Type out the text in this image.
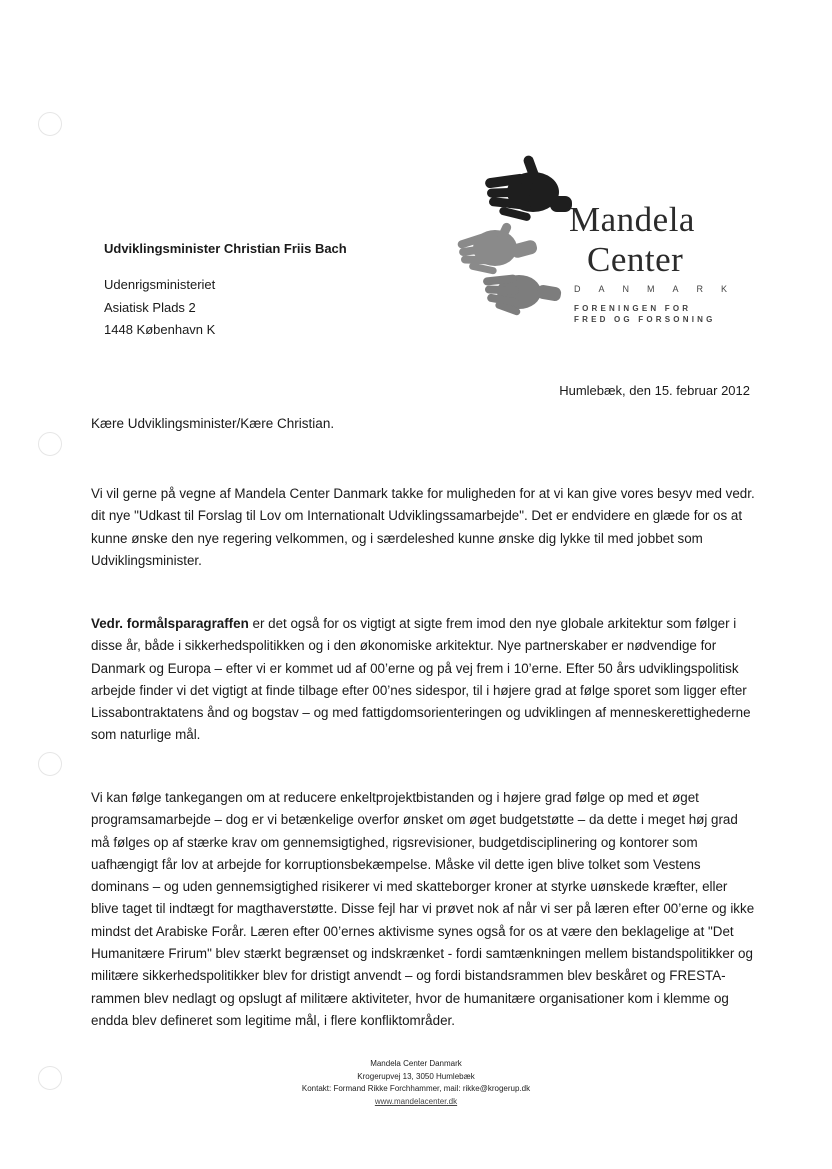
Mandela
Center
DANMARK
FORENINGEN FOR
FRED OG FORSONING
Udviklingsminister Christian Friis Bach
Udenrigsministeriet
Asiatisk Plads 2
1448 København K
Humlebæk, den 15. februar 2012
Kære Udviklingsminister/Kære Christian.
Vi vil gerne på vegne af Mandela Center Danmark takke for muligheden for at vi kan give vores besyv med vedr. dit nye "Udkast til Forslag til Lov om Internationalt Udviklingssamarbejde". Det er endvidere en glæde for os at kunne ønske den nye regering velkommen, og i særdeleshed kunne ønske dig lykke til med jobbet som Udviklingsminister.
Vedr. formålsparagraffen er det også for os vigtigt at sigte frem imod den nye globale arkitektur som følger i disse år, både i sikkerhedspolitikken og i den økonomiske arkitektur. Nye partnerskaber er nødvendige for Danmark og Europa – efter vi er kommet ud af 00’erne og på vej frem i 10’erne. Efter 50 års udviklingspolitisk arbejde finder vi det vigtigt at finde tilbage efter 00’nes sidespor, til i højere grad at følge sporet som ligger efter Lissabontraktatens ånd og bogstav – og med fattigdomsorienteringen og udviklingen af menneskerettighederne som naturlige mål.
Vi kan følge tankegangen om at reducere enkeltprojektbistanden og i højere grad følge op med et øget programsamarbejde – dog er vi betænkelige overfor ønsket om øget budgetstøtte – da dette i meget høj grad må følges op af stærke krav om gennemsigtighed, rigsrevisioner, budgetdisciplinering og kontorer som uafhængigt får lov at arbejde for korruptionsbekæmpelse. Måske vil dette igen blive tolket som Vestens dominans – og uden gennemsigtighed risikerer vi med skatteborger kroner at styrke uønskede kræfter, eller blive taget til indtægt for magthaverstøtte. Disse fejl har vi prøvet nok af når vi ser på læren efter 00’erne og ikke mindst det Arabiske Forår. Læren efter 00’ernes aktivisme synes også for os at være den beklagelige at "Det Humanitære Frirum" blev stærkt begrænset og indskrænket - fordi samtænkningen mellem bistandspolitikker og militære sikkerhedspolitikker blev for dristigt anvendt – og fordi bistandsrammen blev beskåret og FRESTA-rammen blev nedlagt og opslugt af militære aktiviteter, hvor de humanitære organisationer kom i klemme og endda blev defineret som legitime mål, i flere konfliktområder.
Mandela Center Danmark
Krogerupvej 13, 3050 Humlebæk
Kontakt: Formand Rikke Forchhammer, mail: rikke@krogerup.dk
www.mandelacenter.dk
